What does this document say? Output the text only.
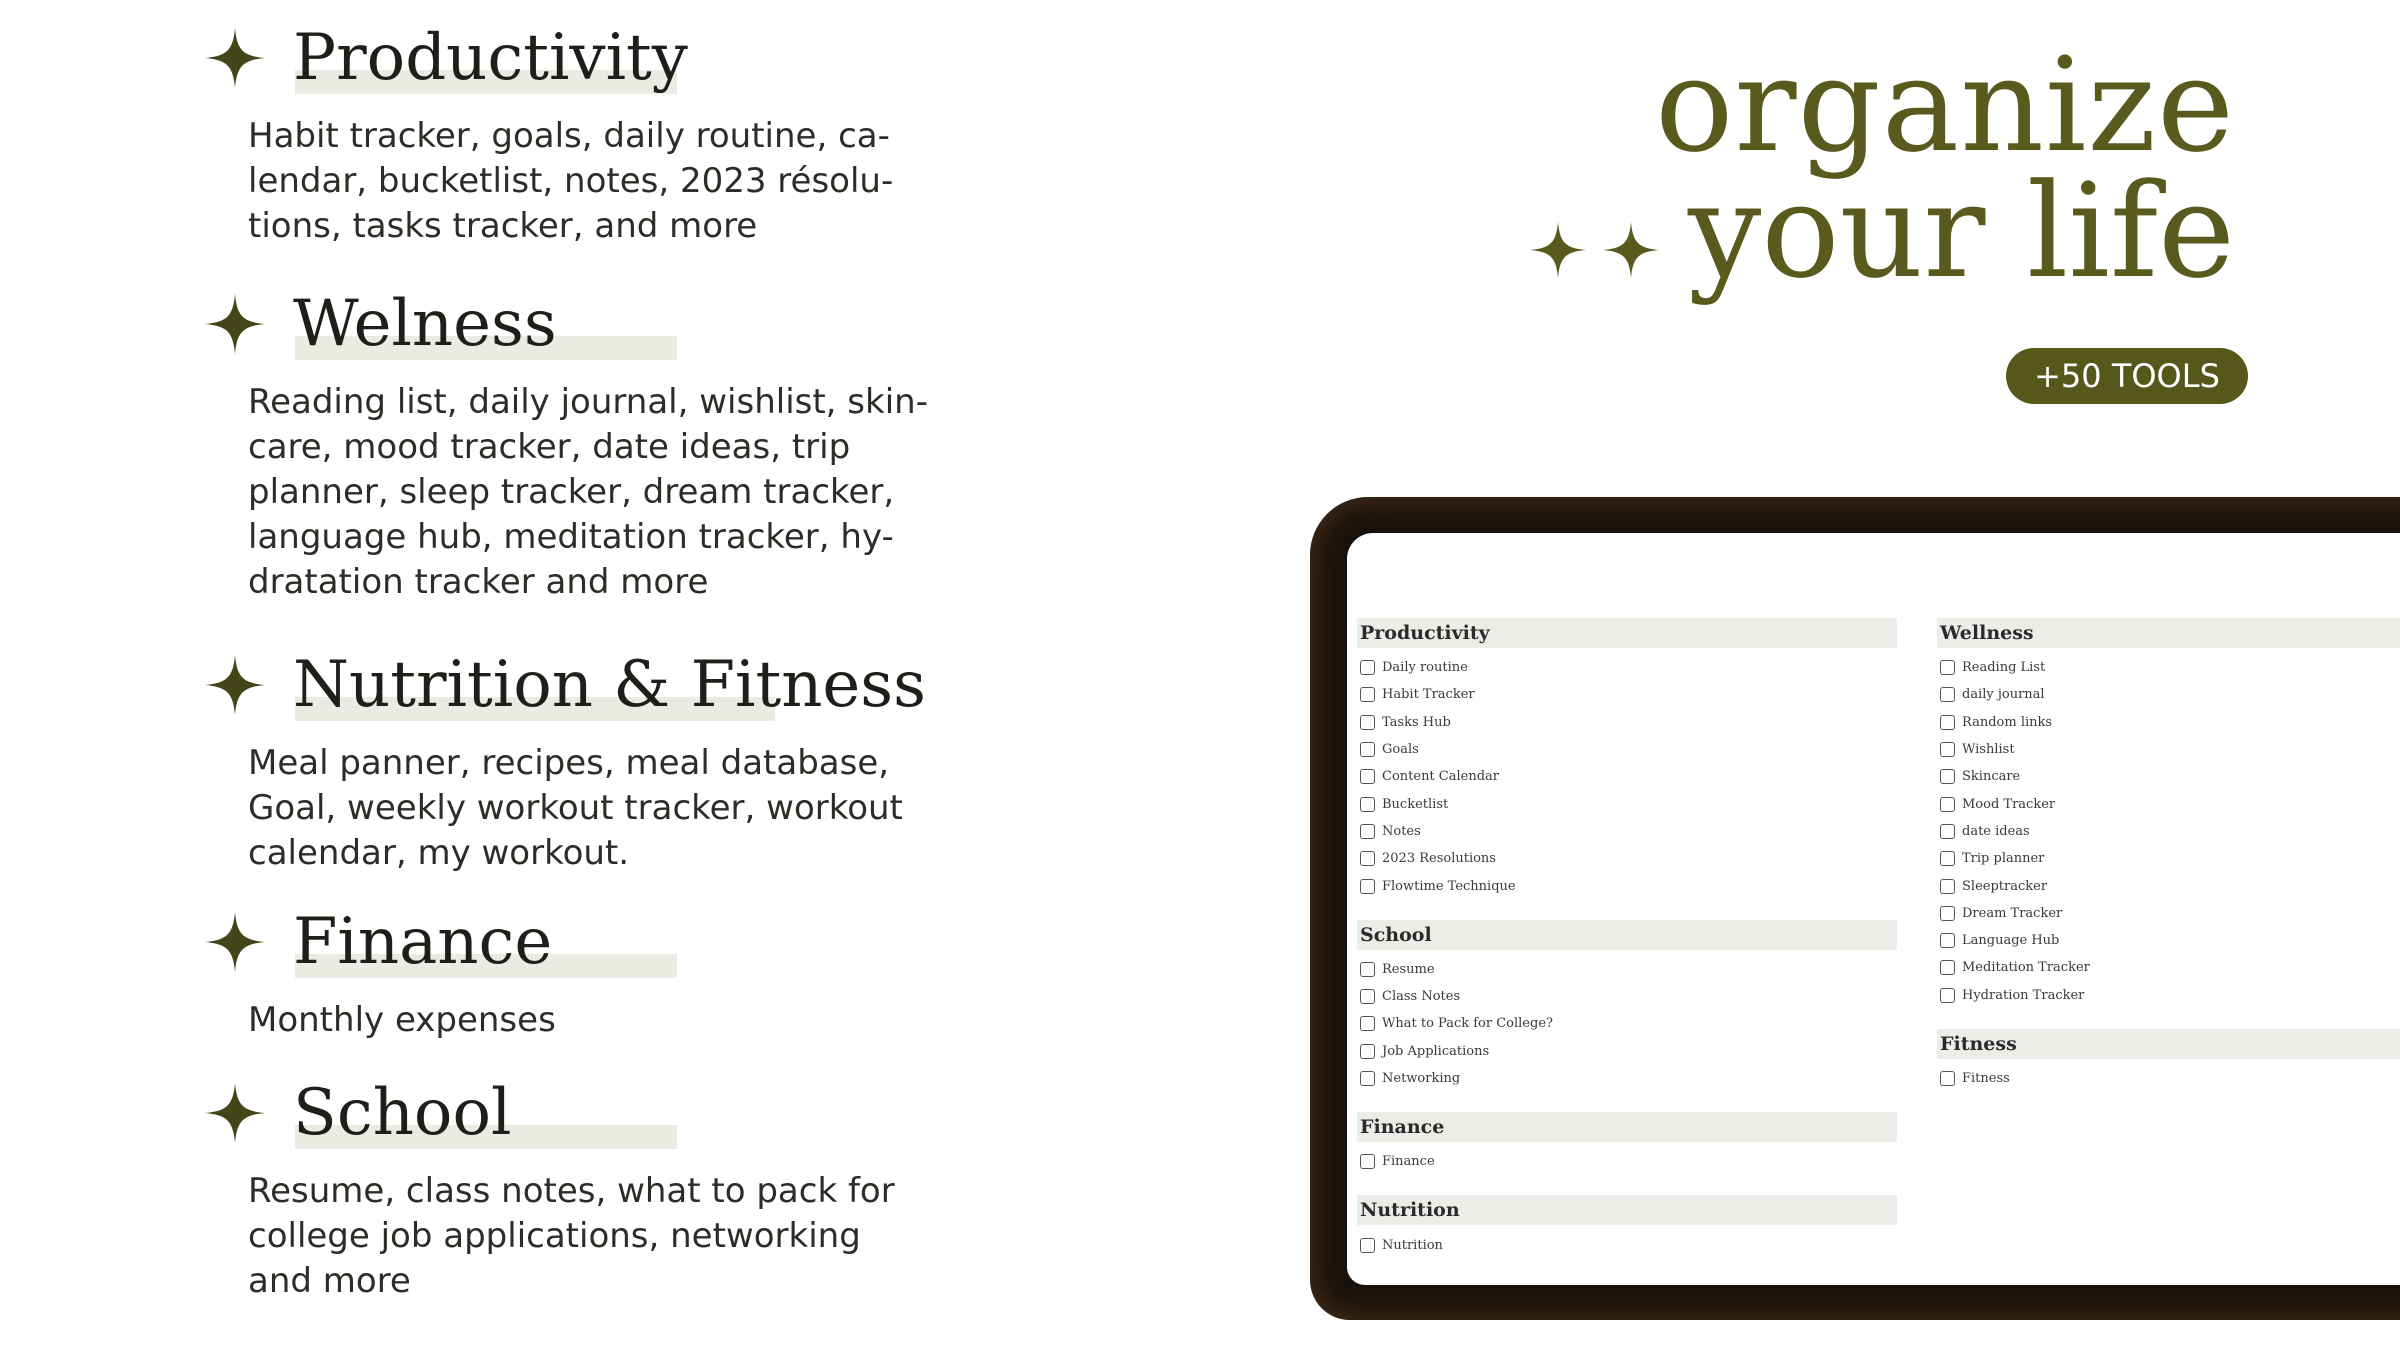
Productivity
Habit tracker, goals, daily routine, ca-
lendar, bucketlist, notes, 2023 résolu-
tions, tasks tracker, and more
Welness
Reading list, daily journal, wishlist, skin-
care, mood tracker, date ideas, trip
planner, sleep tracker, dream tracker,
language hub, meditation tracker, hy-
dratation tracker and more
Nutrition & Fitness
Meal panner, recipes, meal database,
Goal, weekly workout tracker, workout
calendar, my workout.
Finance
Monthly expenses
School
Resume, class notes, what to pack for
college job applications, networking
and more
organize
your life

+50 TOOLS
Productivity
Daily routine
Habit Tracker
Tasks Hub
Goals
Content Calendar
Bucketlist
Notes
2023 Resolutions
Flowtime Technique
School
Resume
Class Notes
What to Pack for College?
Job Applications
Networking
Finance
Finance
Nutrition
Nutrition
Wellness
Reading List
daily journal
Random links
Wishlist
Skincare
Mood Tracker
date ideas
Trip planner
Sleeptracker
Dream Tracker
Language Hub
Meditation Tracker
Hydration Tracker
Fitness
Fitness
